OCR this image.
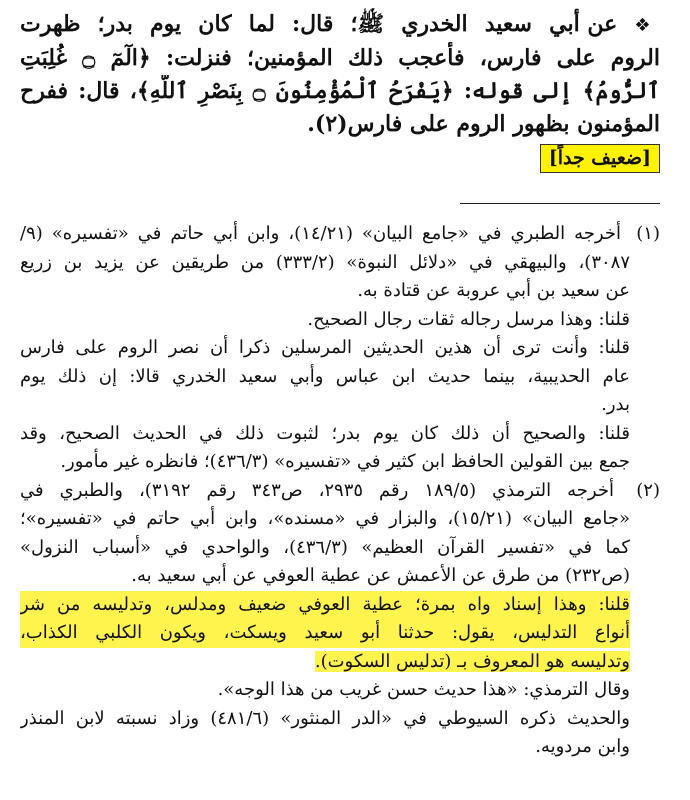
❖ عن أبي سعيد الخدري ﷺ؛ قال: لما كان يوم بدر؛ ظهرت
الروم على فارس، فأعجب ذلك المؤمنين؛ فنزلت: ﴿الٓمٓ ۝ غُلِبَتِ
ٱلرُّومُ﴾ إلى قوله: ﴿يَفْرَحُ ٱلْمُؤْمِنُونَ ۝ بِنَصْرِ ٱللَّهِ﴾، قال: ففرح
المؤمنون بظهور الروم على فارس(٢).
[ضعيف جداً]
(١) أخرجه الطبري في «جامع البيان» (١٤/٢١)، وابن أبي حاتم في «تفسيره» (٩/
٣٠٨٧)، والبيهقي في «دلائل النبوة» (٣٣٣/٢) من طريقين عن يزيد بن زريع
عن سعيد بن أبي عروبة عن قتادة به.
قلنا: وهذا مرسل رجاله ثقات رجال الصحيح.
قلنا: وأنت ترى أن هذين الحديثين المرسلين ذكرا أن نصر الروم على فارس
عام الحديبية، بينما حديث ابن عباس وأبي سعيد الخدري قالا: إن ذلك يوم
بدر.
قلنا: والصحيح أن ذلك كان يوم بدر؛ لثبوت ذلك في الحديث الصحيح، وقد
جمع بين القولين الحافظ ابن كثير في «تفسيره» (٤٣٦/٣)؛ فانظره غير مأمور.
(٢) أخرجه الترمذي (١٨٩/٥ رقم ٢٩٣٥، ص٣٤٣ رقم ٣١٩٢)، والطبري في
«جامع البيان» (١٥/٢١)، والبزار في «مسنده»، وابن أبي حاتم في «تفسيره»؛
كما في «تفسير القرآن العظيم» (٤٣٦/٣)، والواحدي في «أسباب النزول»
(ص٢٣٢) من طرق عن الأعمش عن عطية العوفي عن أبي سعيد به.
قلنا: وهذا إسناد واه بمرة؛ عطية العوفي ضعيف ومدلس، وتدليسه من شر
أنواع التدليس، يقول: حدثنا أبو سعيد ويسكت، ويكون الكلبي الكذاب،
وتدليسه هو المعروف بـ (تدليس السكوت).
وقال الترمذي: «هذا حديث حسن غريب من هذا الوجه».
والحديث ذكره السيوطي في «الدر المنثور» (٤٨١/٦) وزاد نسبته لابن المنذر
وابن مردويه.
